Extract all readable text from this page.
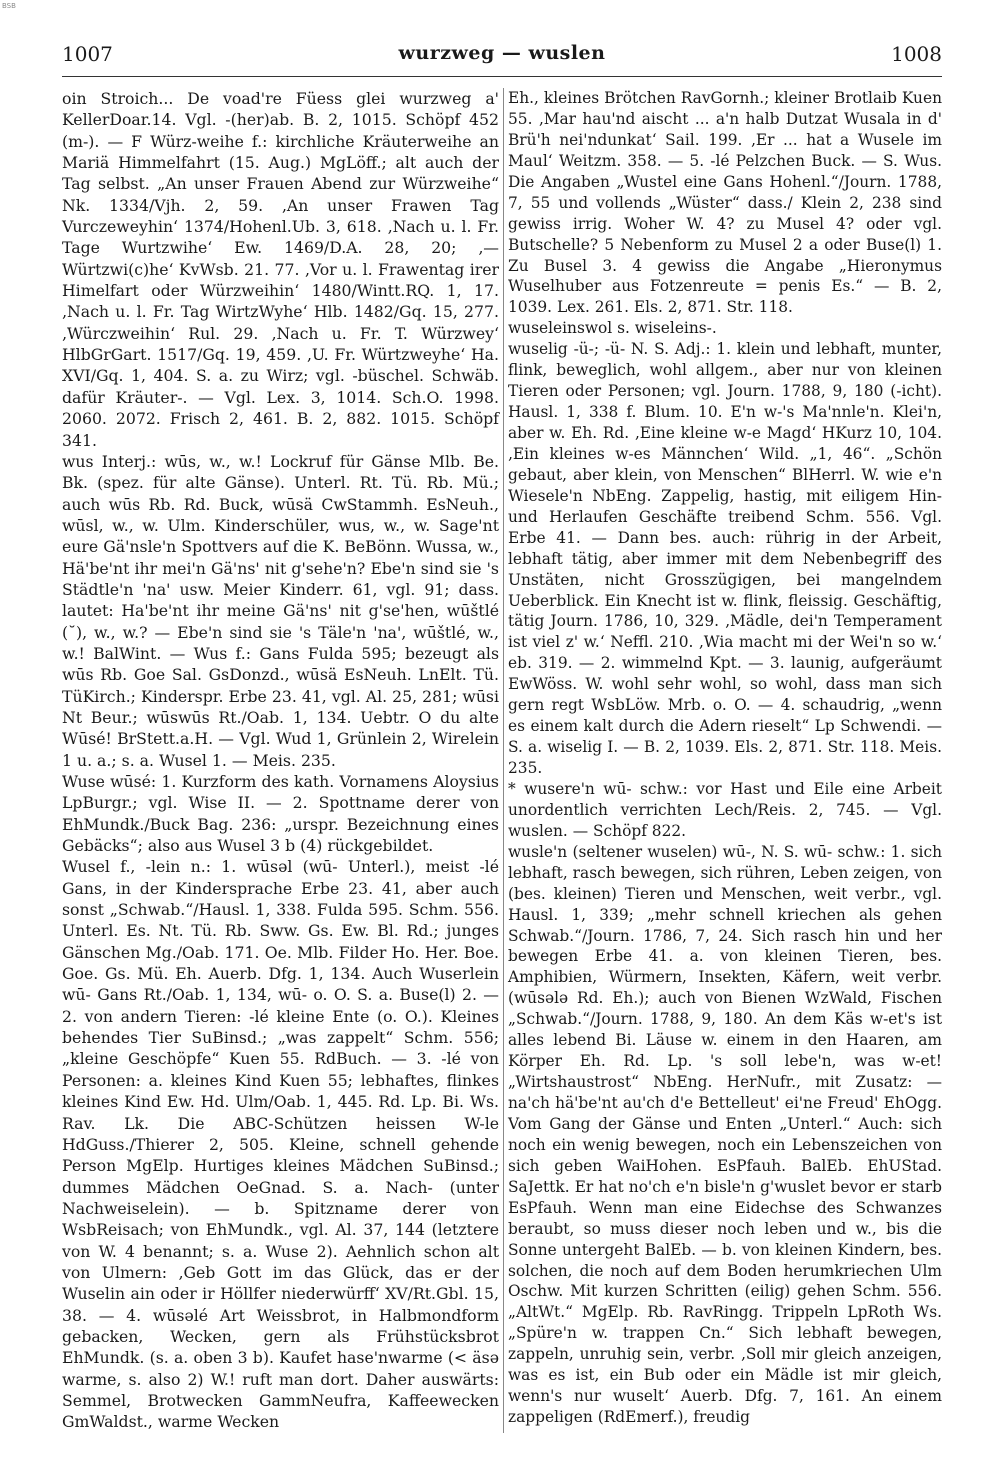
BSB
1007	wurzweg — wuslen	1008

oin Stroich... De voad're Füess glei wurzweg a' KellerDoar.14. Vgl. -(her)ab. B. 2, 1015. Schöpf 452 (m-). — F Würz-weihe f.: kirchliche Kräuterweihe an Mariä Himmelfahrt (15. Aug.) MgLöff.; alt auch der Tag selbst. „An unser Frauen Abend zur Würzweihe“ Nk. 1334/Vjh. 2, 59. ‚An unser Frawen Tag Vurczeweyhin‘ 1374/Hohenl.Ub. 3, 618. ‚Nach u. l. Fr. Tage Wurtzwihe‘ Ew. 1469/D.A. 28, 20; ‚— Würtzwi(c)he‘ KvWsb. 21. 77. ‚Vor u. l. Frawentag irer Himelfart oder Würzweihin‘ 1480/Wintt.RQ. 1, 17. ‚Nach u. l. Fr. Tag WirtzWyhe‘ Hlb. 1482/Gq. 15, 277. ‚Würczweihin‘ Rul. 29. ‚Nach u. Fr. T. Würzwey‘ HlbGrGart. 1517/Gq. 19, 459. ‚U. Fr. Würtzweyhe‘ Ha. XVI/Gq. 1, 404. S. a. zu Wirz; vgl. -büschel. Schwäb. dafür Kräuter-. — Vgl. Lex. 3, 1014. Sch.O. 1998. 2060. 2072. Frisch 2, 461. B. 2, 882. 1015. Schöpf 341.

wus Interj.: wūs, w., w.! Lockruf für Gänse Mlb. Be. Bk. (spez. für alte Gänse). Unterl. Rt. Tü. Rb. Mü.; auch wūs Rb. Rd. Buck, wūsä CwStammh. EsNeuh., wūsl, w., w. Ulm. Kinderschüler, wus, w., w. Sage'nt eure Gä'nsle'n Spottvers auf die K. BeBönn. Wussa, w., Hä'be'nt ihr mei'n Gä'ns' nit g'sehe'n? Ebe'n sind sie 's Städtle'n 'na' usw. Meier Kinderr. 61, vgl. 91; dass. lautet: Ha'be'nt ihr meine Gä'ns' nit g'se'hen, wūštlé (˘), w., w.? — Ebe'n sind sie 's Täle'n 'na', wūštlé, w., w.! BalWint. — Wus f.: Gans Fulda 595; bezeugt als wūs Rb. Goe Sal. GsDonzd., wūsä EsNeuh. LnElt. Tü. TüKirch.; Kinderspr. Erbe 23. 41, vgl. Al. 25, 281; wūsi Nt Beur.; wūswūs Rt./Oab. 1, 134. Uebtr. O du alte Wūsé! BrStett.a.H. — Vgl. Wud 1, Grünlein 2, Wirelein 1 u. a.; s. a. Wusel 1. — Meis. 235.

Wuse wūsé: 1. Kurzform des kath. Vornamens Aloysius LpBurgr.; vgl. Wise II. — 2. Spottname derer von EhMundk./Buck Bag. 236: „urspr. Bezeichnung eines Gebäcks“; also aus Wusel 3 b (4) rückgebildet.

Wusel f., -lein n.: 1. wūsəl (wū- Unterl.), meist -lé Gans, in der Kindersprache Erbe 23. 41, aber auch sonst „Schwab.“/Hausl. 1, 338. Fulda 595. Schm. 556. Unterl. Es. Nt. Tü. Rb. Sww. Gs. Ew. Bl. Rd.; junges Gänschen Mg./Oab. 171. Oe. Mlb. Filder Ho. Her. Boe. Goe. Gs. Mü. Eh. Auerb. Dfg. 1, 134. Auch Wuserlein wū- Gans Rt./Oab. 1, 134, wū- o. O. S. a. Buse(l) 2. — 2. von andern Tieren: -lé kleine Ente (o. O.). Kleines behendes Tier SuBinsd.; „was zappelt“ Schm. 556; „kleine Geschöpfe“ Kuen 55. RdBuch. — 3. -lé von Personen: a. kleines Kind Kuen 55; lebhaftes, flinkes kleines Kind Ew. Hd. Ulm/Oab. 1, 445. Rd. Lp. Bi. Ws. Rav. Lk. Die ABC-Schützen heissen W-le HdGuss./Thierer 2, 505. Kleine, schnell gehende Person MgElp. Hurtiges kleines Mädchen SuBinsd.; dummes Mädchen OeGnad. S. a. Nach- (unter Nachweiselein). — b. Spitzname derer von WsbReisach; von EhMundk., vgl. Al. 37, 144 (letztere von W. 4 benannt; s. a. Wuse 2). Aehnlich schon alt von Ulmern: ‚Geb Gott im das Glück, das er der Wuselin ain oder ir Höllfer niederwürff‘ XV/Rt.Gbl. 15, 38. — 4. wūsəlé Art Weissbrot, in Halbmondform gebacken, Wecken, gern als Frühstücksbrot EhMundk. (s. a. oben 3 b). Kaufet hase'nwarme (< äsə warme, s. also 2) W.! ruft man dort. Daher auswärts: Semmel, Brotwecken GammNeufra, Kaffeewecken GmWaldst., warme Wecken

Eh., kleines Brötchen RavGornh.; kleiner Brotlaib Kuen 55. ‚Mar hau'nd aischt ... a'n halb Dutzat Wusala in d' Brü'h nei'ndunkat‘ Sail. 199. ‚Er ... hat a Wusele im Maul‘ Weitzm. 358. — 5. -lé Pelzchen Buck. — S. Wus. Die Angaben „Wustel eine Gans Hohenl.“/Journ. 1788, 7, 55 und vollends „Wüster“ dass./ Klein 2, 238 sind gewiss irrig. Woher W. 4? zu Musel 4? oder vgl. Butschelle? 5 Nebenform zu Musel 2 a oder Buse(l) 1. Zu Busel 3. 4 gewiss die Angabe „Hieronymus Wuselhuber aus Fotzenreute = penis Es.“ — B. 2, 1039. Lex. 261. Els. 2, 871. Str. 118.

wuseleinswol s. wiseleins-.

wuselig -ü-; -ü- N. S. Adj.: 1. klein und lebhaft, munter, flink, beweglich, wohl allgem., aber nur von kleinen Tieren oder Personen; vgl. Journ. 1788, 9, 180 (-icht). Hausl. 1, 338 f. Blum. 10. E'n w-'s Ma'nnle'n. Klei'n, aber w. Eh. Rd. ‚Eine kleine w-e Magd‘ HKurz 10, 104. ‚Ein kleines w-es Männchen‘ Wild. „1, 46“. „Schön gebaut, aber klein, von Menschen“ BlHerrl. W. wie e'n Wiesele'n NbEng. Zappelig, hastig, mit eiligem Hin- und Herlaufen Geschäfte treibend Schm. 556. Vgl. Erbe 41. — Dann bes. auch: rührig in der Arbeit, lebhaft tätig, aber immer mit dem Nebenbegriff des Unstäten, nicht Grosszügigen, bei mangelndem Ueberblick. Ein Knecht ist w. flink, fleissig. Geschäftig, tätig Journ. 1786, 10, 329. ‚Mädle, dei'n Temperament ist viel z' w.‘ Neffl. 210. ‚Wia macht mi der Wei'n so w.‘ eb. 319. — 2. wimmelnd Kpt. — 3. launig, aufgeräumt EwWöss. W. wohl sehr wohl, so wohl, dass man sich gern regt WsbLöw. Mrb. o. O. — 4. schaudrig, „wenn es einem kalt durch die Adern rieselt“ Lp Schwendi. — S. a. wiselig I. — B. 2, 1039. Els. 2, 871. Str. 118. Meis. 235.

* wusere'n wū- schw.: vor Hast und Eile eine Arbeit unordentlich verrichten Lech/Reis. 2, 745. — Vgl. wuslen. — Schöpf 822.

wusle'n (seltener wuselen) wū-, N. S. wū- schw.: 1. sich lebhaft, rasch bewegen, sich rühren, Leben zeigen, von (bes. kleinen) Tieren und Menschen, weit verbr., vgl. Hausl. 1, 339; „mehr schnell kriechen als gehen Schwab.“/Journ. 1786, 7, 24. Sich rasch hin und her bewegen Erbe 41. a. von kleinen Tieren, bes. Amphibien, Würmern, Insekten, Käfern, weit verbr. (wūsələ Rd. Eh.); auch von Bienen WzWald, Fischen „Schwab.“/Journ. 1788, 9, 180. An dem Käs w-et's ist alles lebend Bi. Läuse w. einem in den Haaren, am Körper Eh. Rd. Lp. 's soll lebe'n, was w-et! „Wirtshaustrost“ NbEng. HerNufr., mit Zusatz: — na'ch hä'be'nt au'ch d'e Bettelleut' ei'ne Freud' EhOgg. Vom Gang der Gänse und Enten „Unterl.“ Auch: sich noch ein wenig bewegen, noch ein Lebenszeichen von sich geben WaiHohen. EsPfauh. BalEb. EhUStad. SaJettk. Er hat no'ch e'n bisle'n g'wuslet bevor er starb EsPfauh. Wenn man eine Eidechse des Schwanzes beraubt, so muss dieser noch leben und w., bis die Sonne untergeht BalEb. — b. von kleinen Kindern, bes. solchen, die noch auf dem Boden herumkriechen Ulm Oschw. Mit kurzen Schritten (eilig) gehen Schm. 556. „AltWt.“ MgElp. Rb. RavRingg. Trippeln LpRoth Ws. „Spüre'n w. trappen Cn.“ Sich lebhaft bewegen, zappeln, unruhig sein, verbr. ‚Soll mir gleich anzeigen, was es ist, ein Bub oder ein Mädle ist mir gleich, wenn's nur wuselt‘ Auerb. Dfg. 7, 161. An einem zappeligen (RdEmerf.), freudig
